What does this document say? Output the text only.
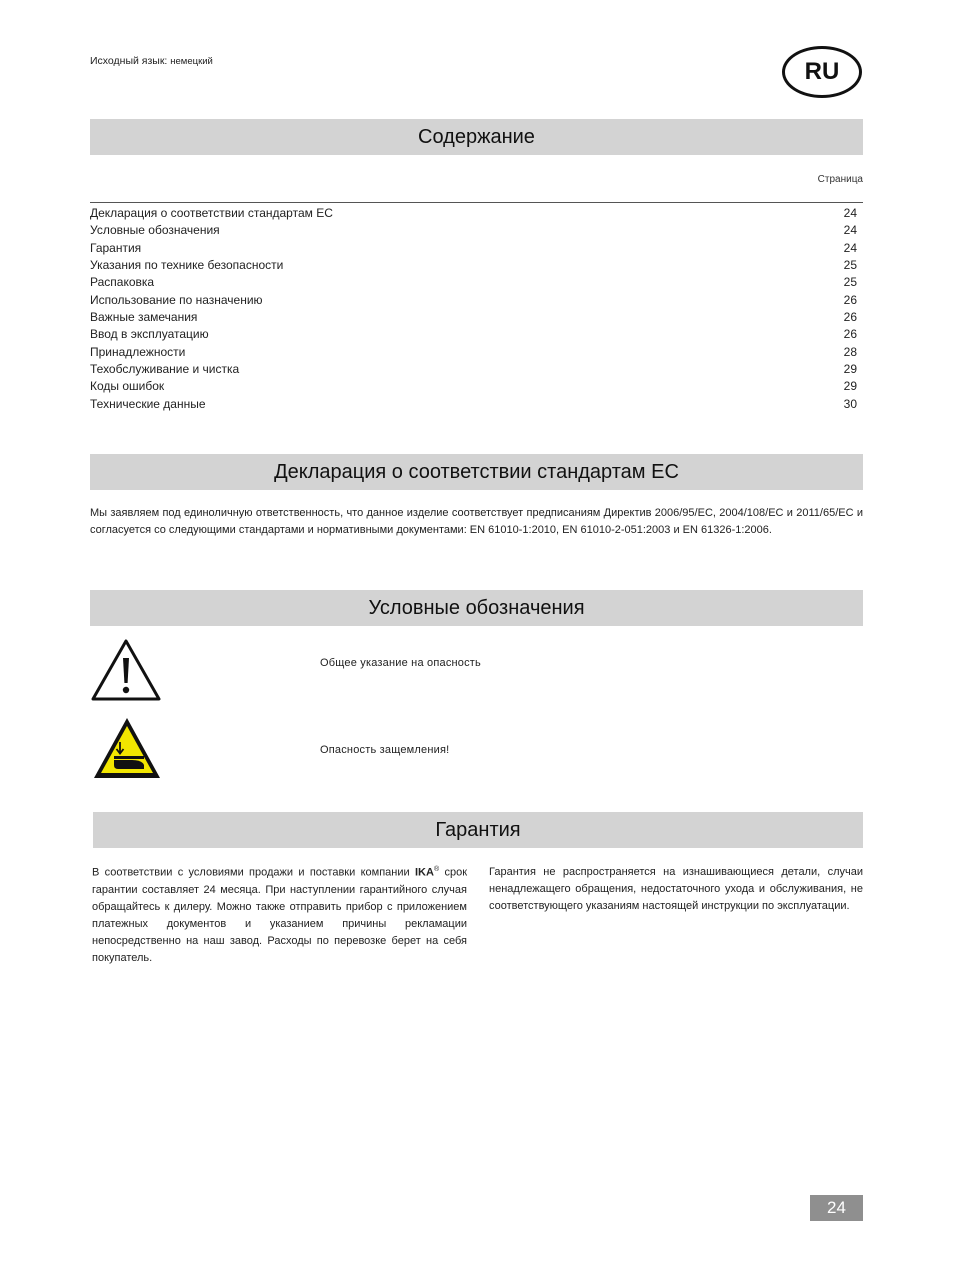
Исходный язык: немецкий	RU
Содержание
Страница
Декларация о соответствии стандартам ЕС	24
Условные обозначения	24
Гарантия	24
Указания по технике безопасности	25
Распаковка	25
Использование по назначению	26
Важные замечания	26
Ввод в эксплуатацию	26
Принадлежности	28
Техобслуживание и чистка	29
Коды ошибок	29
Технические данные	30
Декларация о соответствии стандартам ЕС
Мы заявляем под единоличную ответственность, что данное изделие соответствует предписаниям Директив 2006/95/EC, 2004/108/EC и 2011/65/EC и согласуется со следующими стандартами и нормативными документами: EN 61010-1:2010, EN 61010-2-051:2003 и EN 61326-1:2006.
Условные обозначения
Общее указание на опасность
Опасность защемления!
Гарантия
В соответствии с условиями продажи и поставки компании IKA® срок гарантии составляет 24 месяца. При наступлении гарантийного случая обращайтесь к дилеру. Можно также отправить прибор с приложением платежных документов и указанием причины рекламации непосредственно на наш завод. Расходы по перевозке берет на себя покупатель.
Гарантия не распространяется на изнашивающиеся детали, случаи ненадлежащего обращения, недостаточного ухода и обслуживания, не соответствующего указаниям настоящей инструкции по эксплуатации.
24
